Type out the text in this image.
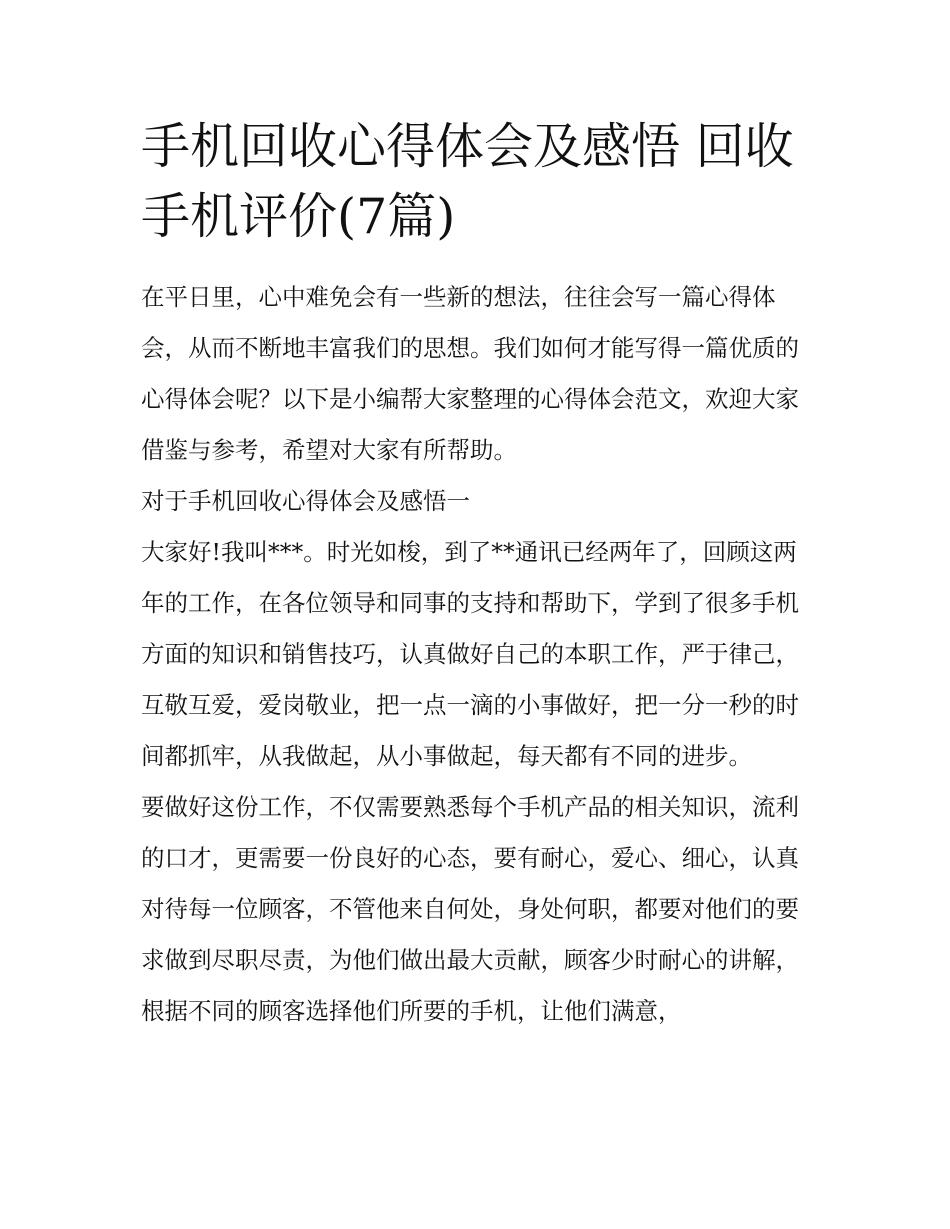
手机回收心得体会及感悟 回收手机评价(7篇)

在平日里，心中难免会有一些新的想法，往往会写一篇心得体会，从而不断地丰富我们的思想。我们如何才能写得一篇优质的心得体会呢？以下是小编帮大家整理的心得体会范文，欢迎大家借鉴与参考，希望对大家有所帮助。

对于手机回收心得体会及感悟一

大家好!我叫***。时光如梭，到了**通讯已经两年了，回顾这两年的工作，在各位领导和同事的支持和帮助下，学到了很多手机方面的知识和销售技巧，认真做好自己的本职工作，严于律己，互敬互爱，爱岗敬业，把一点一滴的小事做好，把一分一秒的时间都抓牢，从我做起，从小事做起，每天都有不同的进步。

要做好这份工作，不仅需要熟悉每个手机产品的相关知识，流利的口才，更需要一份良好的心态，要有耐心，爱心、细心，认真对待每一位顾客，不管他来自何处，身处何职，都要对他们的要求做到尽职尽责，为他们做出最大贡献，顾客少时耐心的讲解，根据不同的顾客选择他们所要的手机，让他们满意，
